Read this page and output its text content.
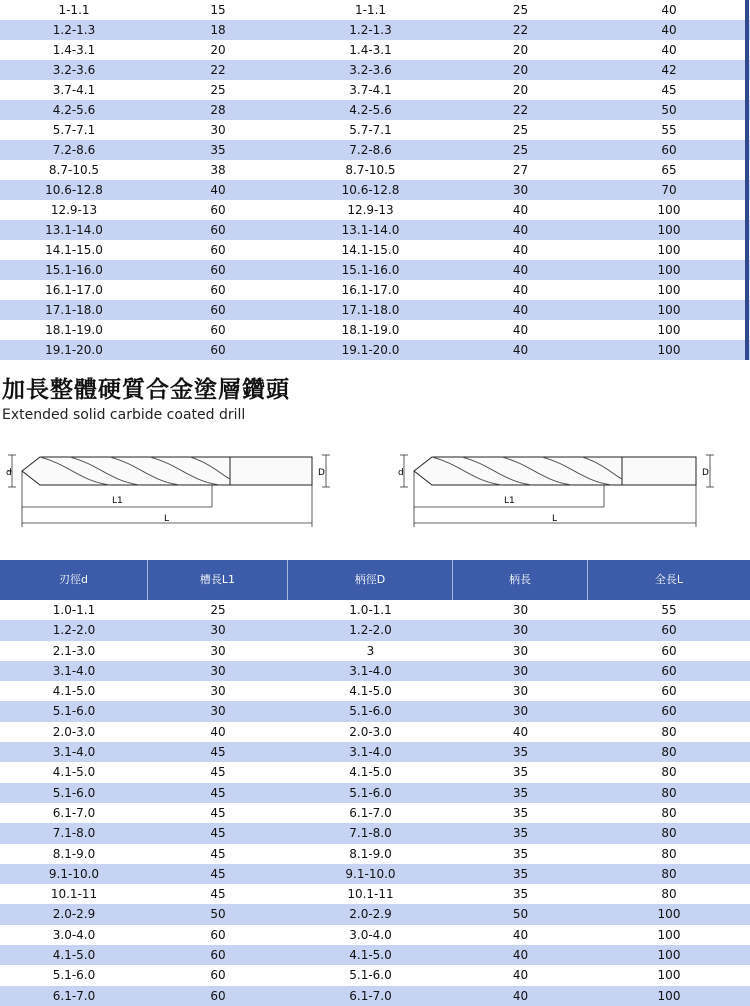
1-1.1	15	1-1.1	25	40
1.2-1.3	18	1.2-1.3	22	40
1.4-3.1	20	1.4-3.1	20	40
3.2-3.6	22	3.2-3.6	20	42
3.7-4.1	25	3.7-4.1	20	45
4.2-5.6	28	4.2-5.6	22	50
5.7-7.1	30	5.7-7.1	25	55
7.2-8.6	35	7.2-8.6	25	60
8.7-10.5	38	8.7-10.5	27	65
10.6-12.8	40	10.6-12.8	30	70
12.9-13	60	12.9-13	40	100
13.1-14.0	60	13.1-14.0	40	100
14.1-15.0	60	14.1-15.0	40	100
15.1-16.0	60	15.1-16.0	40	100
16.1-17.0	60	16.1-17.0	40	100
17.1-18.0	60	17.1-18.0	40	100
18.1-19.0	60	18.1-19.0	40	100
19.1-20.0	60	19.1-20.0	40	100
加長整體硬質合金塗層鑽頭
Extended solid carbide coated drill
d	D
L1
L
d	D
L1
L
刃徑d	槽長L1	柄徑D	柄長	全長L
1.0-1.1	25	1.0-1.1	30	55
1.2-2.0	30	1.2-2.0	30	60
2.1-3.0	30	3	30	60
3.1-4.0	30	3.1-4.0	30	60
4.1-5.0	30	4.1-5.0	30	60
5.1-6.0	30	5.1-6.0	30	60
2.0-3.0	40	2.0-3.0	40	80
3.1-4.0	45	3.1-4.0	35	80
4.1-5.0	45	4.1-5.0	35	80
5.1-6.0	45	5.1-6.0	35	80
6.1-7.0	45	6.1-7.0	35	80
7.1-8.0	45	7.1-8.0	35	80
8.1-9.0	45	8.1-9.0	35	80
9.1-10.0	45	9.1-10.0	35	80
10.1-11	45	10.1-11	35	80
2.0-2.9	50	2.0-2.9	50	100
3.0-4.0	60	3.0-4.0	40	100
4.1-5.0	60	4.1-5.0	40	100
5.1-6.0	60	5.1-6.0	40	100
6.1-7.0	60	6.1-7.0	40	100
